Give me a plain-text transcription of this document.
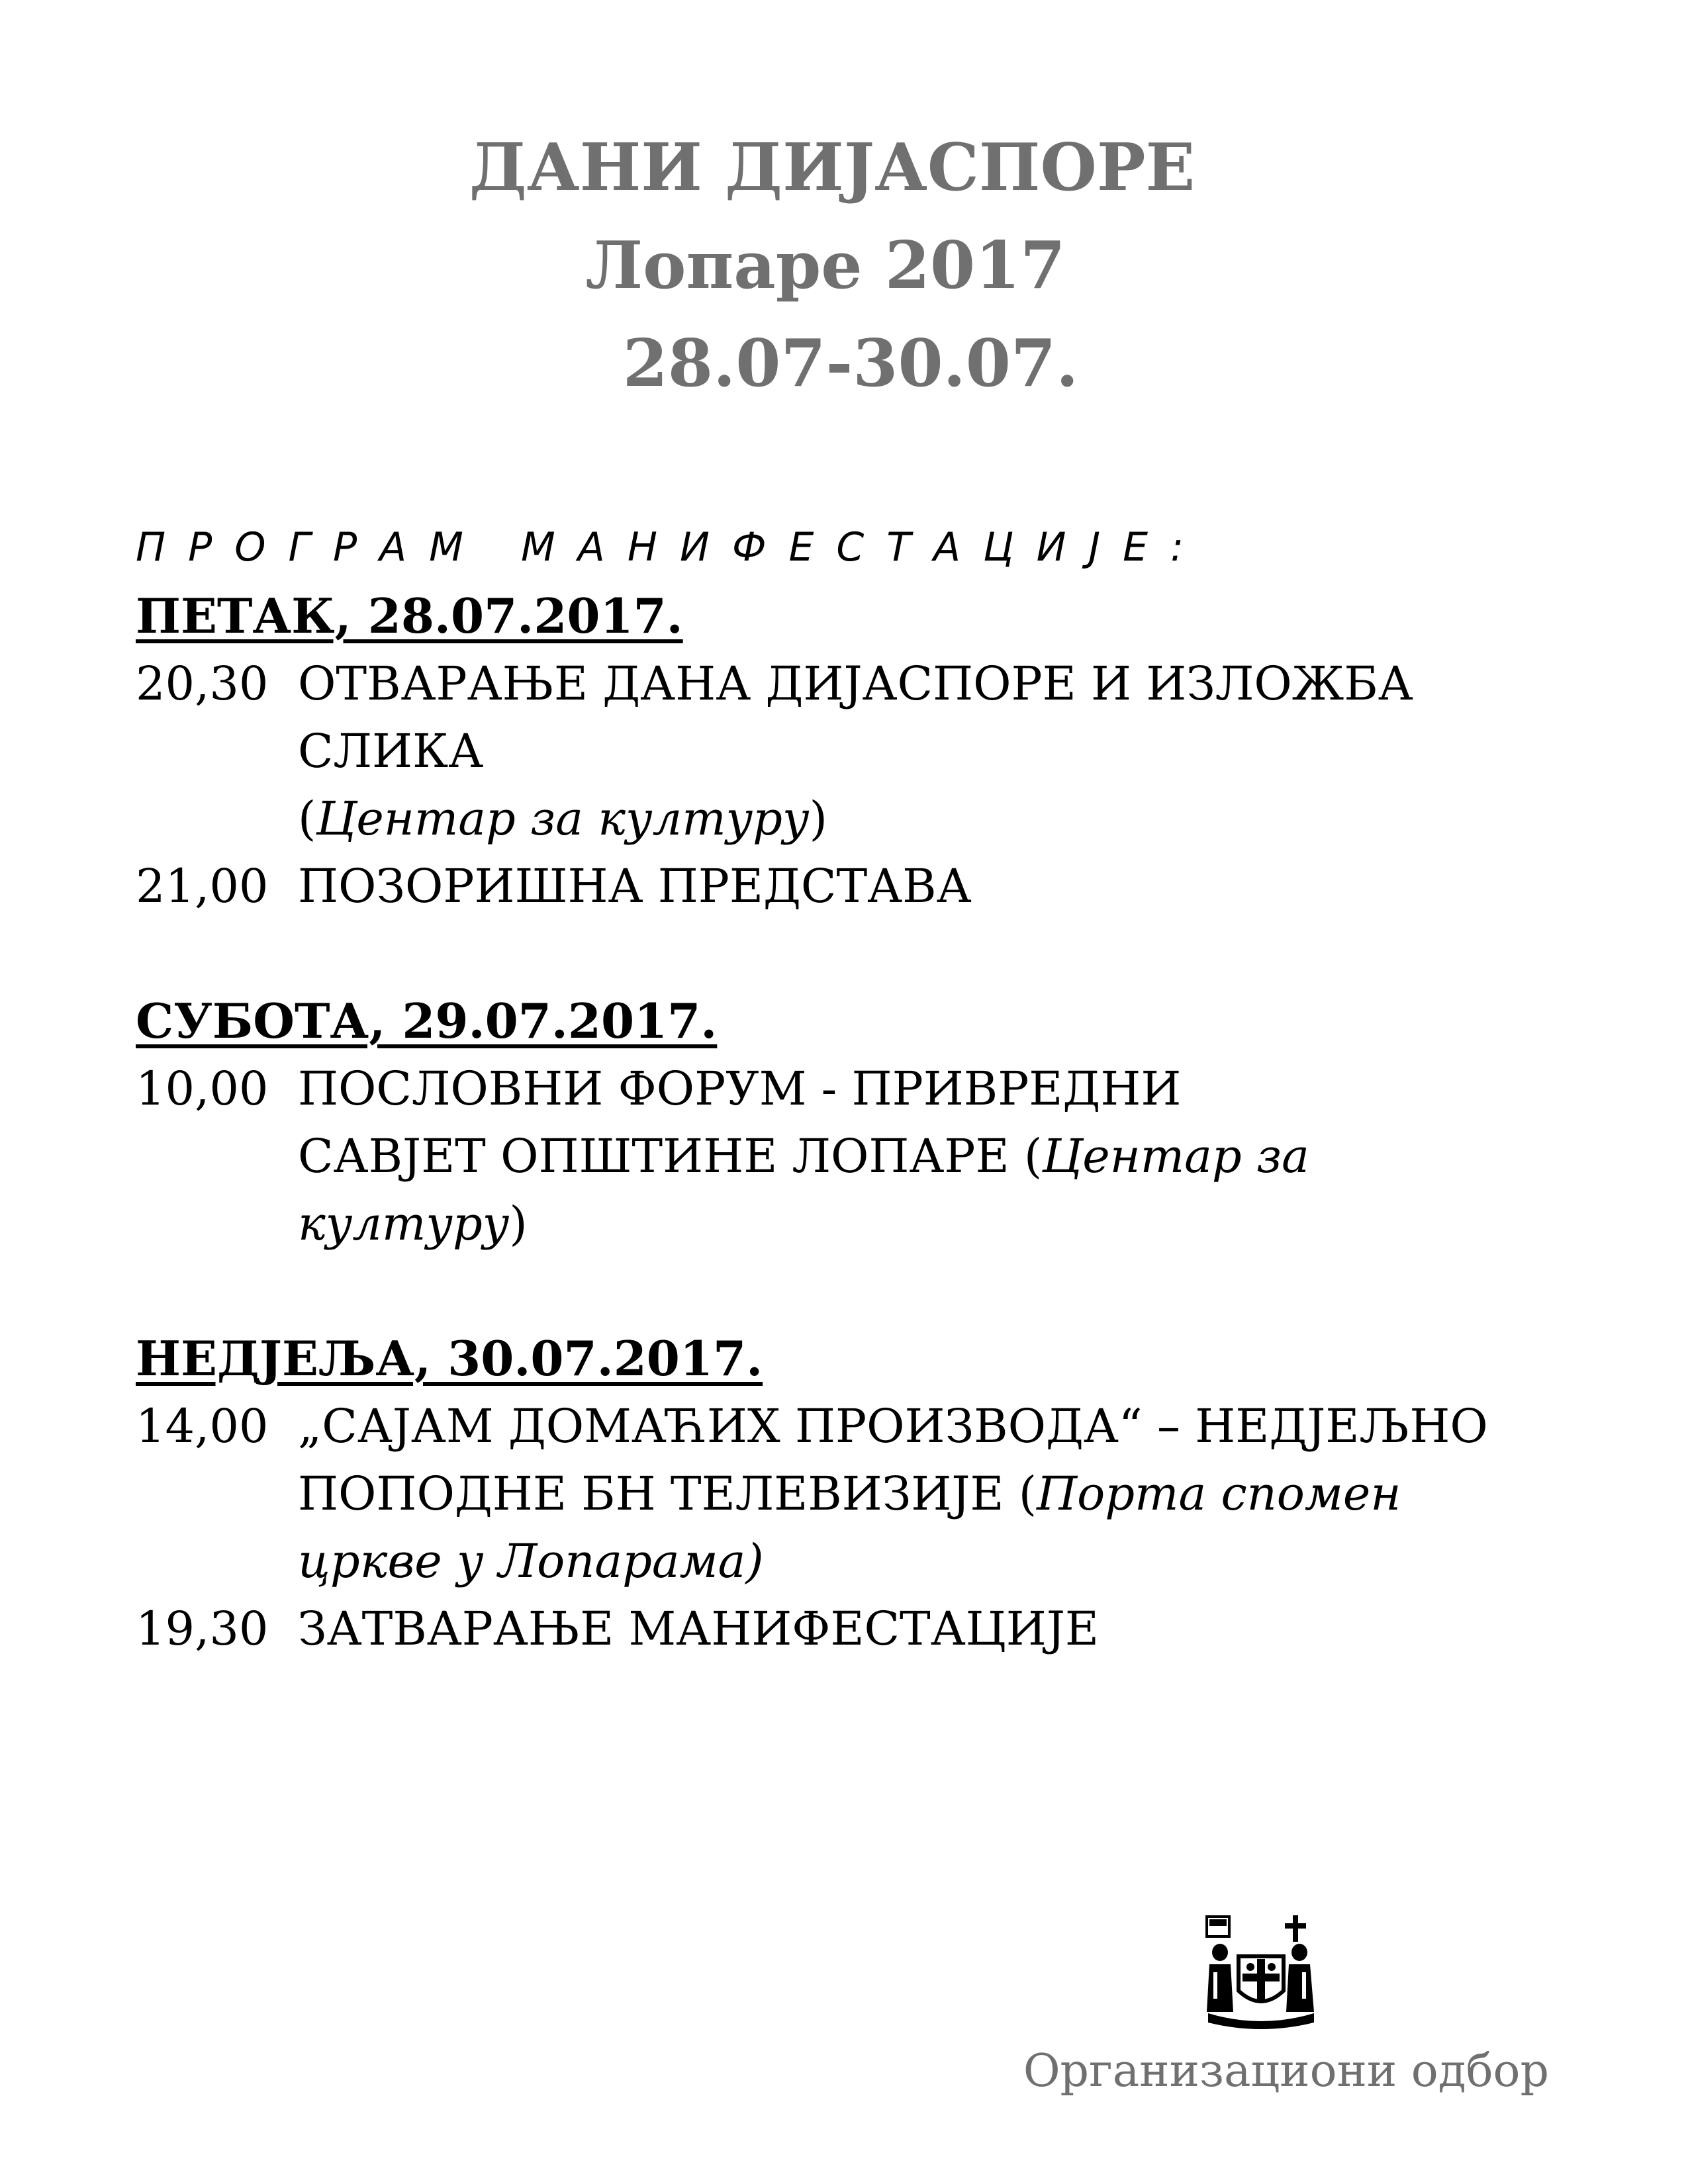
ДАНИ ДИЈАСПОРЕ
Лопаре 2017
28.07-30.07.
ПРОГРАМ МАНИФЕСТАЦИЈЕ:
ПЕТАК, 28.07.2017.
20,30 ОТВАРАЊЕ ДАНА ДИЈАСПОРЕ И ИЗЛОЖБА СЛИКА
(Центар за културу)
21,00 ПОЗОРИШНА ПРЕДСТАВА
СУБОТА, 29.07.2017.
10,00 ПОСЛОВНИ ФОРУМ - ПРИВРЕДНИ САВЈЕТ ОПШТИНЕ ЛОПАРЕ (Центар за културу)
НЕДЈЕЉА, 30.07.2017.
14,00 „САЈАМ ДОМАЋИХ ПРОИЗВОДА“ – НЕДЈЕЉНО ПОПОДНЕ БН ТЕЛЕВИЗИЈЕ (Порта спомен цркве у Лопарама)
19,30 ЗАТВАРАЊЕ МАНИФЕСТАЦИЈЕ
Организациони одбор
